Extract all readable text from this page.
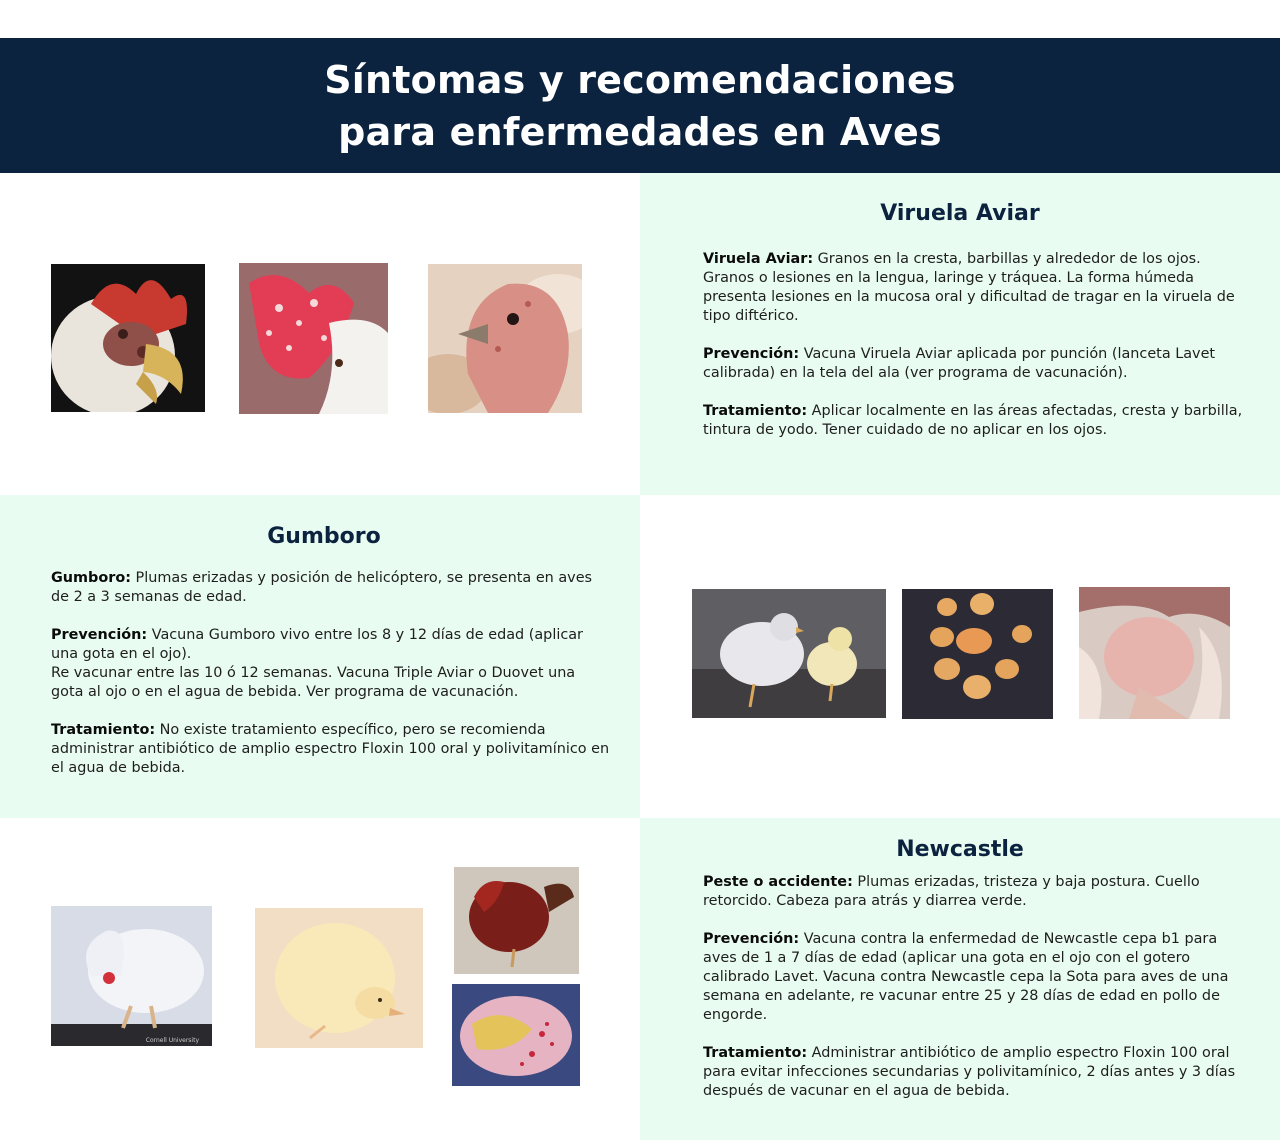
Síntomas y recomendaciones
para enfermedades en Aves
Viruela Aviar

Viruela Aviar: Granos en la cresta, barbillas y alrededor de los ojos. Granos o lesiones en la lengua, laringe y tráquea. La forma húmeda presenta lesiones en la mucosa oral y dificultad de tragar en la viruela de tipo diftérico.

Prevención: Vacuna Viruela Aviar aplicada por punción (lanceta Lavet calibrada) en la tela del ala (ver programa de vacunación).

Tratamiento: Aplicar localmente en las áreas afectadas, cresta y barbilla, tintura de yodo. Tener cuidado de no aplicar en los ojos.

Gumboro

Gumboro: Plumas erizadas y posición de helicóptero, se presenta en aves de 2 a 3 semanas de edad.

Prevención: Vacuna Gumboro vivo entre los 8 y 12 días de edad (aplicar una gota en el ojo).
Re vacunar entre las 10 ó 12 semanas. Vacuna Triple Aviar o Duovet una gota al ojo o en el agua de bebida. Ver programa de vacunación.

Tratamiento: No existe tratamiento específico, pero se recomienda administrar antibiótico de amplio espectro Floxin 100 oral y polivitamínico en el agua de bebida.

Cornell University
Newcastle

Peste o accidente: Plumas erizadas, tristeza y baja postura. Cuello retorcido. Cabeza para atrás y diarrea verde.

Prevención: Vacuna contra la enfermedad de Newcastle cepa b1 para aves de 1 a 7 días de edad (aplicar una gota en el ojo con el gotero calibrado Lavet. Vacuna contra Newcastle cepa la Sota para aves de una semana en adelante, re vacunar entre 25 y 28 días de edad en pollo de engorde.

Tratamiento: Administrar antibiótico de amplio espectro Floxin 100 oral para evitar infecciones secundarias y polivitamínico, 2 días antes y 3 días después de vacunar en el agua de bebida.
